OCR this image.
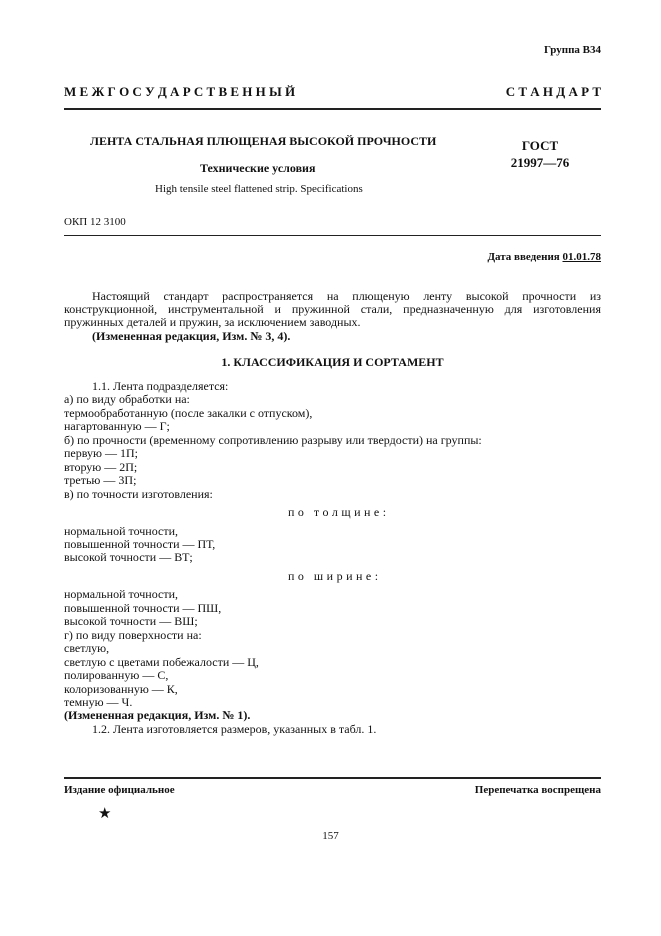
Группа В34
М Е Ж Г О С У Д А Р С Т В Е Н Н Ы Й	С Т А Н Д А Р Т
ЛЕНТА СТАЛЬНАЯ ПЛЮЩЕНАЯ ВЫСОКОЙ ПРОЧНОСТИ	ГОСТ
21997—76
Технические условия
High tensile steel flattened strip. Specifications
ОКП 12 3100
Дата введения 01.01.78
Настоящий стандарт распространяется на плющеную ленту высокой прочности из конструкционной, инструментальной и пружинной стали, предназначенную для изготовления пружинных деталей и пружин, за исключением заводных.
(Измененная редакция, Изм. № 3, 4).
1. КЛАССИФИКАЦИЯ И СОРТАМЕНТ
1.1. Лента подразделяется:
а) по виду обработки на:
термообработанную (после закалки с отпуском),
нагартованную — Г;
б) по прочности (временному сопротивлению разрыву или твердости) на группы:
первую — 1П;
вторую — 2П;
третью — 3П;
в) по точности изготовления:
по толщине:
нормальной точности,
повышенной точности — ПТ,
высокой точности — ВТ;
по ширине:
нормальной точности,
повышенной точности — ПШ,
высокой точности — ВШ;
г) по виду поверхности на:
светлую,
светлую с цветами побежалости — Ц,
полированную — С,
колоризованную — К,
темную — Ч.
(Измененная редакция, Изм. № 1).
1.2. Лента изготовляется размеров, указанных в табл. 1.
Издание официальное	Перепечатка воспрещена
★
157
